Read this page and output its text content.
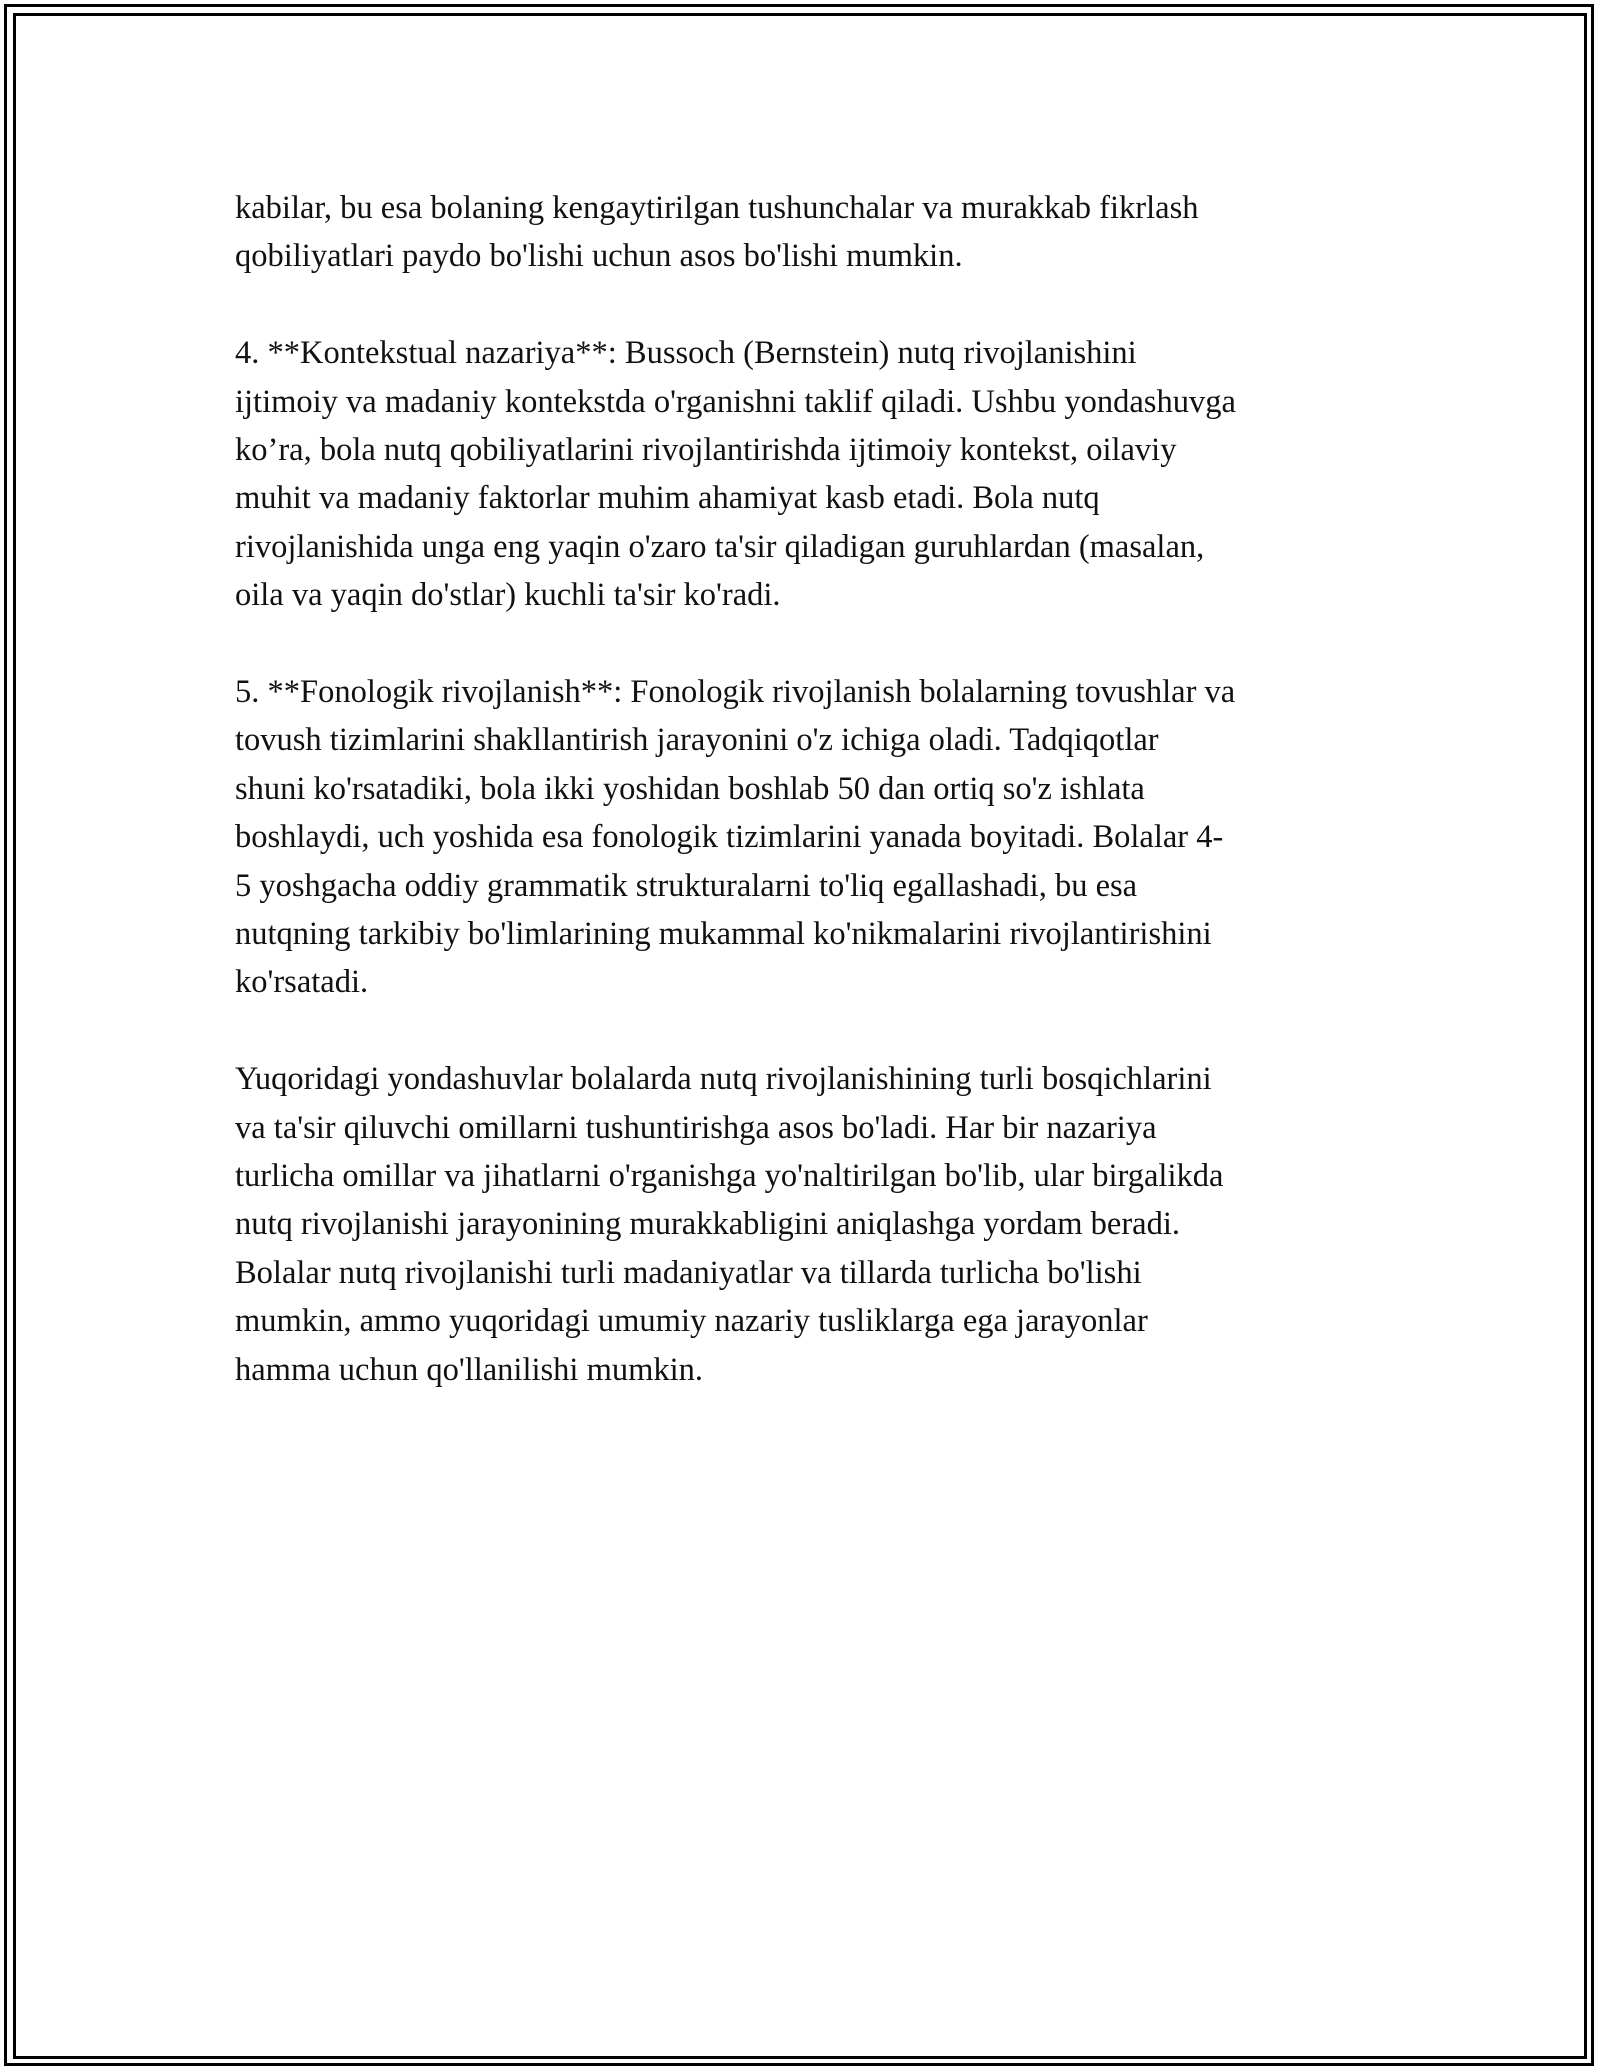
kabilar, bu esa bolaning kengaytirilgan tushunchalar va murakkab fikrlash
qobiliyatlari paydo bo'lishi uchun asos bo'lishi mumkin.
4. **Kontekstual nazariya**: Bussoch (Bernstein) nutq rivojlanishini
ijtimoiy va madaniy kontekstda o'rganishni taklif qiladi. Ushbu yondashuvga
ko’ra, bola nutq qobiliyatlarini rivojlantirishda ijtimoiy kontekst, oilaviy
muhit va madaniy faktorlar muhim ahamiyat kasb etadi. Bola nutq
rivojlanishida unga eng yaqin o'zaro ta'sir qiladigan guruhlardan (masalan,
oila va yaqin do'stlar) kuchli ta'sir ko'radi.
5. **Fonologik rivojlanish**: Fonologik rivojlanish bolalarning tovushlar va
tovush tizimlarini shakllantirish jarayonini o'z ichiga oladi. Tadqiqotlar
shuni ko'rsatadiki, bola ikki yoshidan boshlab 50 dan ortiq so'z ishlata
boshlaydi, uch yoshida esa fonologik tizimlarini yanada boyitadi. Bolalar 4-
5 yoshgacha oddiy grammatik strukturalarni to'liq egallashadi, bu esa
nutqning tarkibiy bo'limlarining mukammal ko'nikmalarini rivojlantirishini
ko'rsatadi.
Yuqoridagi yondashuvlar bolalarda nutq rivojlanishining turli bosqichlarini
va ta'sir qiluvchi omillarni tushuntirishga asos bo'ladi. Har bir nazariya
turlicha omillar va jihatlarni o'rganishga yo'naltirilgan bo'lib, ular birgalikda
nutq rivojlanishi jarayonining murakkabligini aniqlashga yordam beradi.
Bolalar nutq rivojlanishi turli madaniyatlar va tillarda turlicha bo'lishi
mumkin, ammo yuqoridagi umumiy nazariy tusliklarga ega jarayonlar
hamma uchun qo'llanilishi mumkin.
